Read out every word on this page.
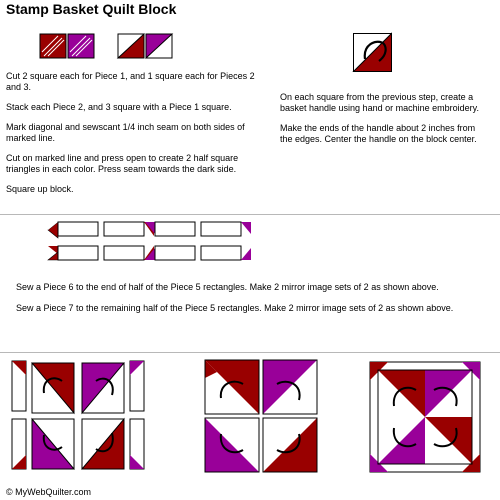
Stamp Basket Quilt Block

Cut 2 square each for Piece 1, and 1 square each for Pieces 2 and 3.

Stack each Piece 2, and 3 square with a Piece 1 square.

Mark diagonal and sewscant 1/4 inch seam on both sides of marked line.

Cut on marked line and press open to create 2 half square triangles in each color. Press seam towards the dark side.

Square up block.

On each square from the previous step, create a basket handle using hand or machine embroidery.

Make the ends of the handle about 2 inches from the edges. Center the handle on the block center.

Sew a Piece 6 to the end of half of the Piece 5 rectangles. Make 2 mirror image sets of 2 as shown above.

Sew a Piece 7 to the remaining half of the Piece 5 rectangles. Make 2 mirror image sets of 2 as shown above.

© MyWebQuilter.com
